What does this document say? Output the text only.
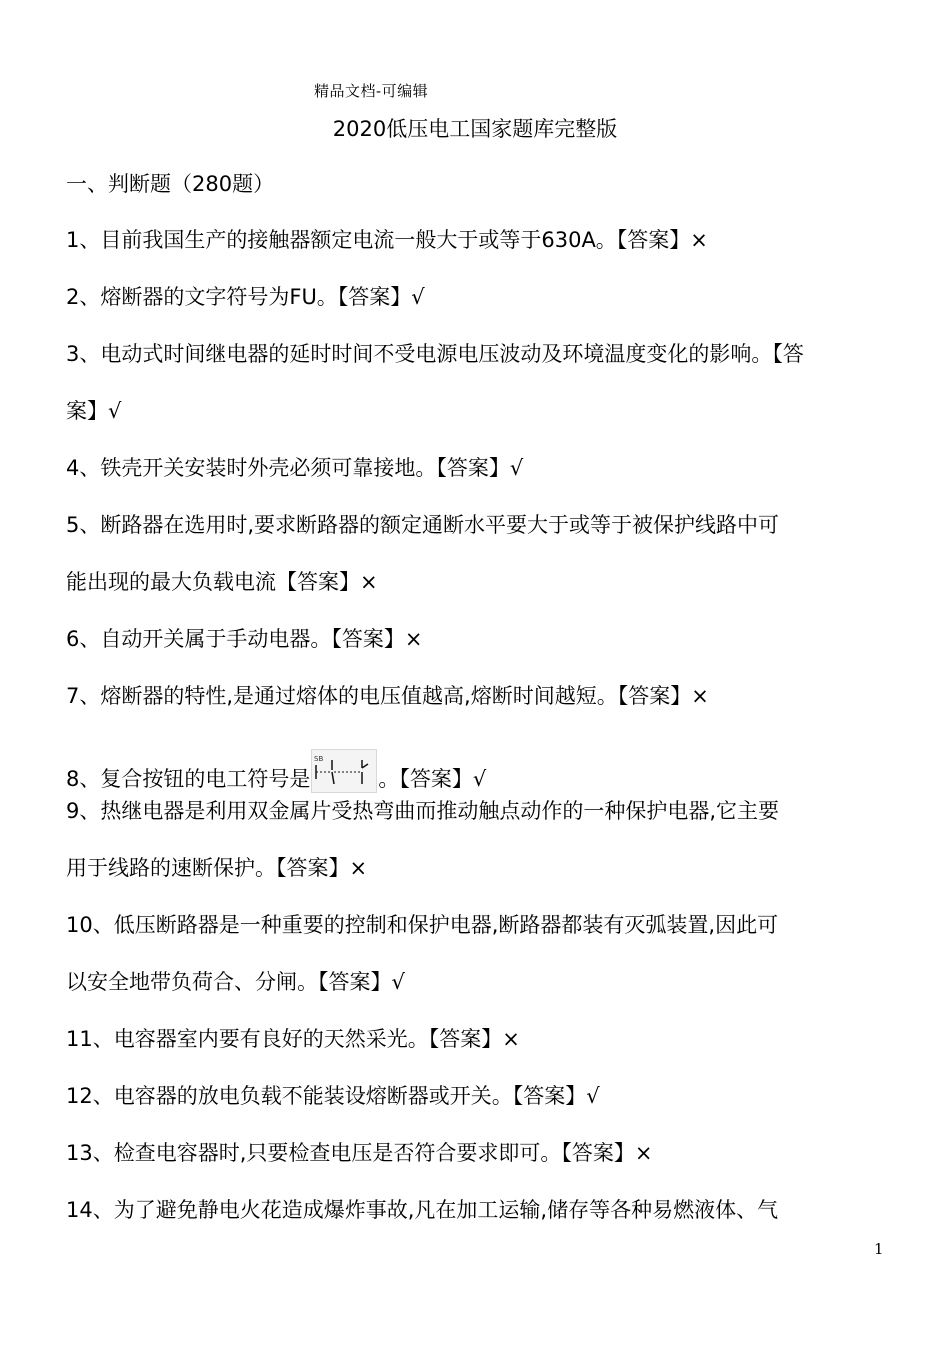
精品文档-可编辑
2020低压电工国家题库完整版
一、判断题（280题）
1、目前我国生产的接触器额定电流一般大于或等于630A。【答案】×
2、熔断器的文字符号为FU。【答案】√
3、电动式时间继电器的延时时间不受电源电压波动及环境温度变化的影响。【答
案】√
4、铁壳开关安装时外壳必须可靠接地。【答案】√
5、断路器在选用时,要求断路器的额定通断水平要大于或等于被保护线路中可
能出现的最大负载电流【答案】×
6、自动开关属于手动电器。【答案】×
7、熔断器的特性,是通过熔体的电压值越高,熔断时间越短。【答案】×
8、复合按钮的电工符号是
SB
。【答案】√
9、热继电器是利用双金属片受热弯曲而推动触点动作的一种保护电器,它主要
用于线路的速断保护。【答案】×
10、低压断路器是一种重要的控制和保护电器,断路器都装有灭弧装置,因此可
以安全地带负荷合、分闸。【答案】√
11、电容器室内要有良好的天然采光。【答案】×
12、电容器的放电负载不能装设熔断器或开关。【答案】√
13、检查电容器时,只要检查电压是否符合要求即可。【答案】×
14、为了避免静电火花造成爆炸事故,凡在加工运输,储存等各种易燃液体、气
1
